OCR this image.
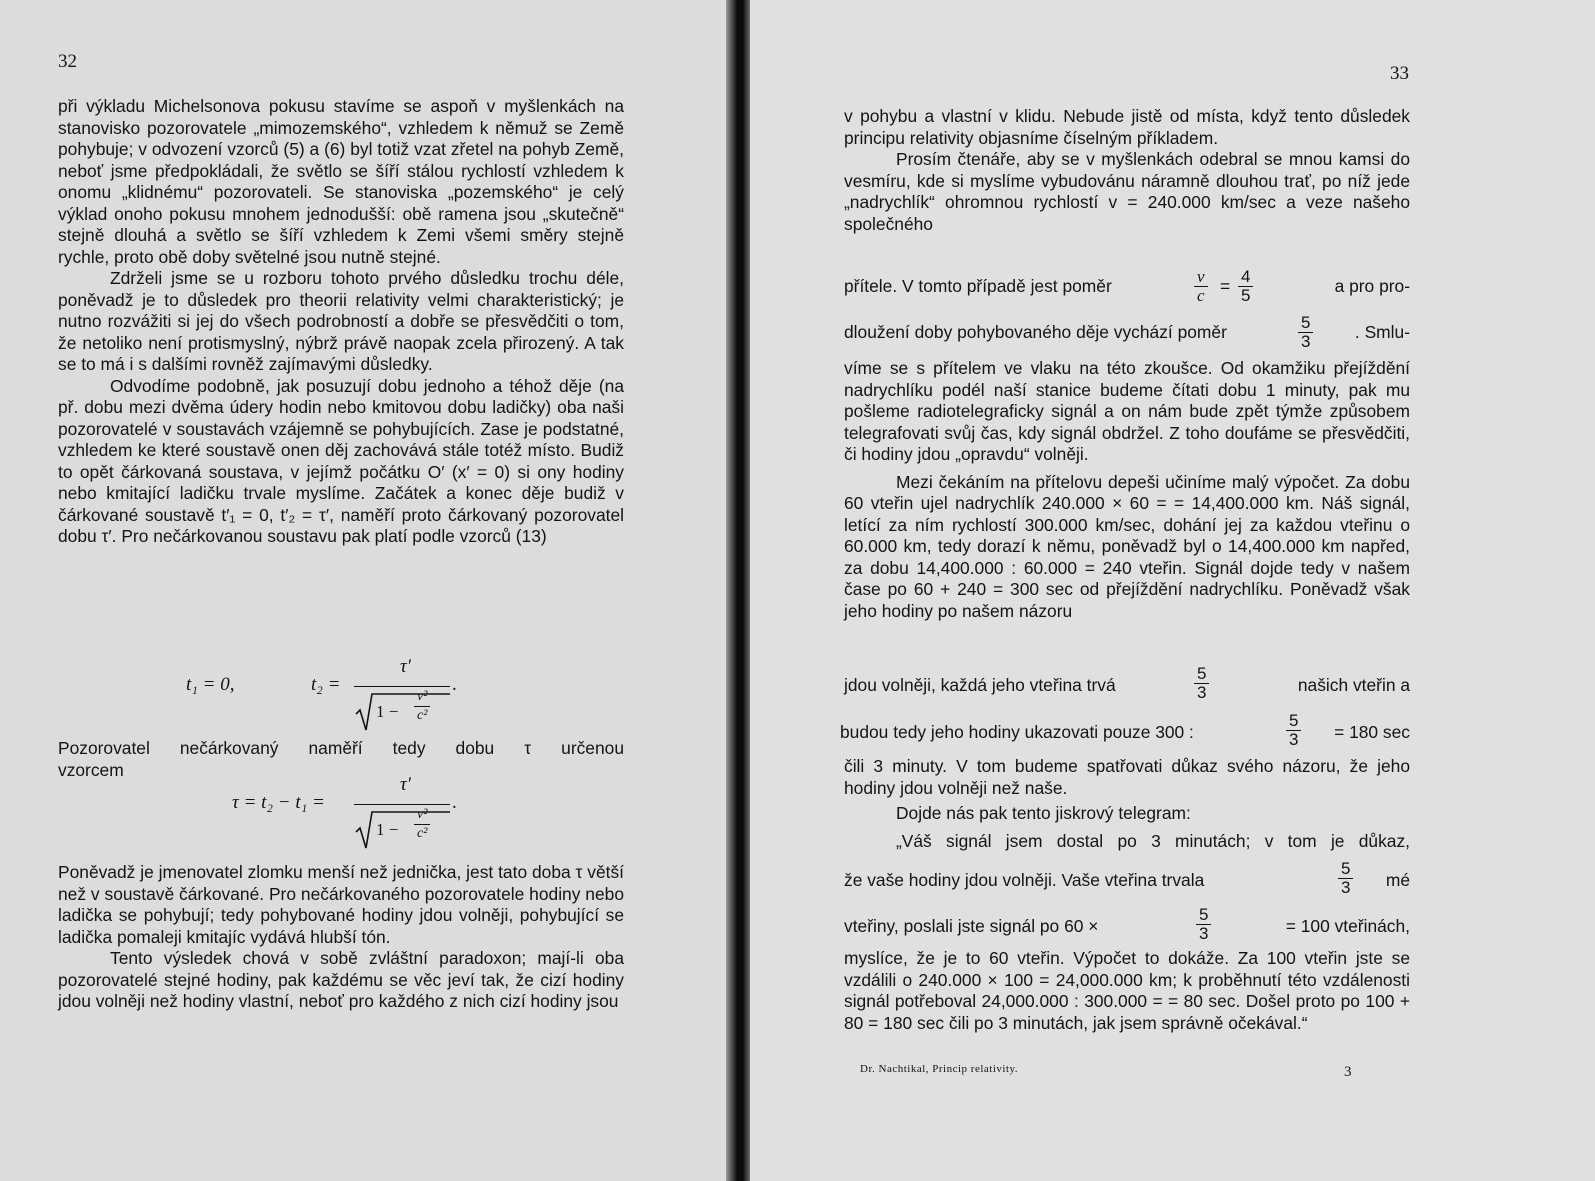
32

při výkladu Michelsonova pokusu stavíme se aspoň v myšlenkách na stanovisko pozorovatele „mimozemského“, vzhledem k němuž se Země pohybuje; v odvození vzorců (5) a (6) byl totiž vzat zřetel na pohyb Země, neboť jsme předpokládali, že světlo se šíří stálou rychlostí vzhledem k onomu „klidnému“ pozorovateli. Se stanoviska „pozemského“ je celý výklad onoho pokusu mnohem jednodušší: obě ramena jsou „skutečně“ stejně dlouhá a světlo se šíří vzhledem k Zemi všemi směry stejně rychle, proto obě doby světelné jsou nutně stejné.

Zdrželi jsme se u rozboru tohoto prvého důsledku trochu déle, poněvadž je to důsledek pro theorii relativity velmi charakteristický; je nutno rozvážiti si jej do všech podrobností a dobře se přesvědčiti o tom, že netoliko není protismyslný, nýbrž právě naopak zcela přirozený. A tak se to má i s dalšími rovněž zajímavými důsledky.

Odvodíme podobně, jak posuzují dobu jednoho a téhož děje (na př. dobu mezi dvěma údery hodin nebo kmitovou dobu ladičky) oba naši pozorovatelé v soustavách vzájemně se pohybujících. Zase je podstatné, vzhledem ke které soustavě onen děj zachovává stále totéž místo. Budiž to opět čárkovaná soustava, v jejímž počátku O′ (x′ = 0) si ony hodiny nebo kmitající ladičku trvale myslíme. Začátek a konec děje budiž v čárkované soustavě t′₁ = 0, t′₂ = τ′, naměří proto čárkovaný pozorovatel dobu τ′. Pro nečárkovanou soustavu pak platí podle vzorců (13)

t₁ = 0,	t₂ =
τ′
$1 - \frac{\text{v²}}{\text{c²}}$
.

Pozorovatel nečárkovaný naměří tedy dobu τ určenou

vzorcem

τ = t₂ − t₁ =
τ′
$1 - \frac{\text{v²}}{\text{c²}}$
.

Poněvadž je jmenovatel zlomku menší než jednička, jest tato doba τ větší než v soustavě čárkované. Pro nečárkovaného pozorovatele hodiny nebo ladička se pohybují; tedy pohybované hodiny jdou volněji, pohybující se ladička pomaleji kmitajíc vydává hlubší tón.

Tento výsledek chová v sobě zvláštní paradoxon; mají-li oba pozorovatelé stejné hodiny, pak každému se věc jeví tak, že cizí hodiny jdou volněji než hodiny vlastní, neboť pro každého z nich cizí hodiny jsou

33

v pohybu a vlastní v klidu. Nebude jistě od místa, když tento důsledek principu relativity objasníme číselným příkladem.

Prosím čtenáře, aby se v myšlenkách odebral se mnou kamsi do vesmíru, kde si myslíme vybudovánu náramně dlouhou trať, po níž jede „nadrychlík“ ohromnou rychlostí v = 240.000 km/sec a veze našeho společného

přítele. V tomto případě jest poměr	$\frac{v}{c} = \frac{4}{5}$	a pro pro-
dloužení doby pohybovaného děje vychází poměr	$\frac{5}{3}$ . Smlu-

víme se s přítelem ve vlaku na této zkoušce. Od okamžiku přejíždění nadrychlíku podél naší stanice budeme čítati dobu 1 minuty, pak mu pošleme radiotelegraficky signál a on nám bude zpět týmže způsobem telegrafovati svůj čas, kdy signál obdržel. Z toho doufáme se přesvědčiti, či hodiny jdou „opravdu“ volněji.

Mezi čekáním na přítelovu depeši učiníme malý výpočet. Za dobu 60 vteřin ujel nadrychlík 240.000 × 60 = = 14,400.000 km. Náš signál, letící za ním rychlostí 300.000 km/sec, dohání jej za každou vteřinu o 60.000 km, tedy dorazí k němu, poněvadž byl o 14,400.000 km napřed, za dobu 14,400.000 : 60.000 = 240 vteřin. Signál dojde tedy v našem čase po 60 + 240 = 300 sec od přejíždění nadrychlíku. Poněvadž však jeho hodiny po našem názoru

jdou volněji, každá jeho vteřina trvá	$\frac{5}{3}$	našich vteřin a
budou tedy jeho hodiny ukazovati pouze 300 :	$\frac{5}{3} = 180$ sec

čili 3 minuty. V tom budeme spatřovati důkaz svého názoru, že jeho hodiny jdou volněji než naše.

Dojde nás pak tento jiskrový telegram:

„Váš signál jsem dostal po 3 minutách; v tom je důkaz,

že vaše hodiny jdou volněji. Vaše vteřina trvala	$\frac{5}{3}$ mé
vteřiny, poslali jste signál po 60 ×	$\frac{5}{3}$	= 100 vteřinách,

myslíce, že je to 60 vteřin. Výpočet to dokáže. Za 100 vteřin jste se vzdálili o 240.000 × 100 = 24,000.000 km; k proběhnutí této vzdálenosti signál potřeboval 24,000.000 : 300.000 = = 80 sec. Došel proto po 100 + 80 = 180 sec čili po 3 minutách, jak jsem správně očekával.“

Dr. Nachtikal, Princip relativity.	3
